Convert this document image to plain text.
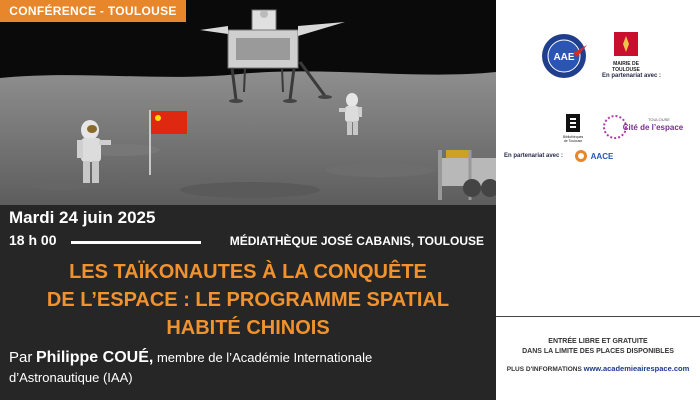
CONFÉRENCE - TOULOUSE
Mardi 24 juin 2025
18 h 00	MÉDIATHÈQUE JOSÉ CABANIS, TOULOUSE
LES TAÏKONAUTES À LA CONQUÊTE
DE L’ESPACE : LE PROGRAMME SPATIAL
HABITÉ CHINOIS
Par Philippe COUÉ, membre de l’Académie Internationale
d’Astronautique (IAA)
AAE
MAIRIE DE
TOULOUSE
En partenariat avec :
Bibliothèques
de Toulouse
TOULOUSE
Cité de l’espace
En partenariat avec :	AACE
ENTRÉE LIBRE ET GRATUITE
DANS LA LIMITE DES PLACES DISPONIBLES
PLUS D'INFORMATIONS www.academieairespace.com
